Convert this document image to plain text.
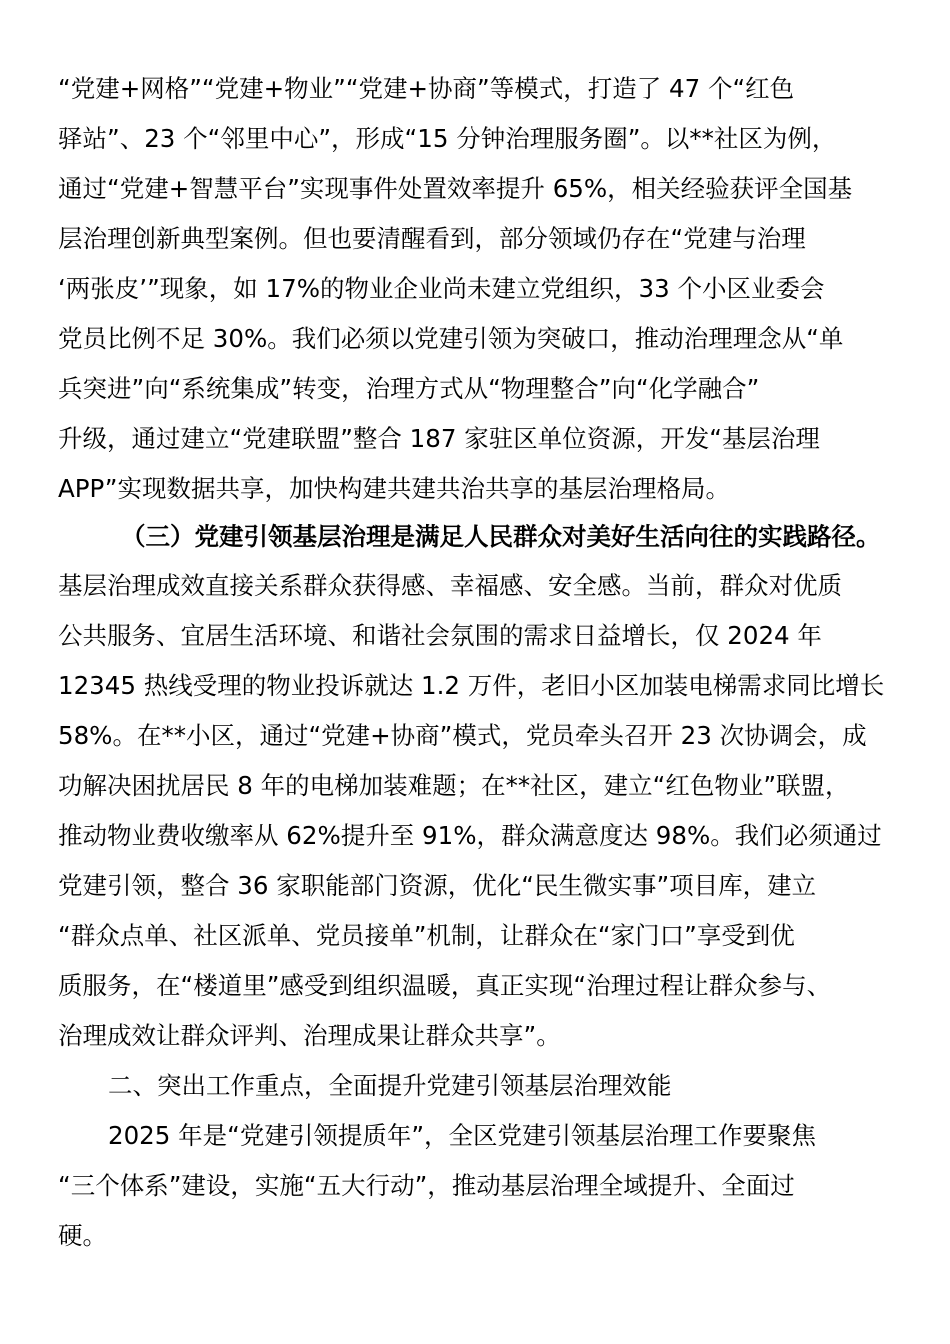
“党建+网格”“党建+物业”“党建+协商”等模式，打造了 47 个“红色
驿站”、23 个“邻里中心”，形成“15 分钟治理服务圈”。以**社区为例，
通过“党建+智慧平台”实现事件处置效率提升 65%，相关经验获评全国基
层治理创新典型案例。但也要清醒看到，部分领域仍存在“党建与治理
‘两张皮’”现象，如 17%的物业企业尚未建立党组织，33 个小区业委会
党员比例不足 30%。我们必须以党建引领为突破口，推动治理理念从“单
兵突进”向“系统集成”转变，治理方式从“物理整合”向“化学融合”
升级，通过建立“党建联盟”整合 187 家驻区单位资源，开发“基层治理
APP”实现数据共享，加快构建共建共治共享的基层治理格局。
（三）党建引领基层治理是满足人民群众对美好生活向往的实践路径。
基层治理成效直接关系群众获得感、幸福感、安全感。当前，群众对优质
公共服务、宜居生活环境、和谐社会氛围的需求日益增长，仅 2024 年
12345 热线受理的物业投诉就达 1.2 万件，老旧小区加装电梯需求同比增长
58%。在**小区，通过“党建+协商”模式，党员牵头召开 23 次协调会，成
功解决困扰居民 8 年的电梯加装难题；在**社区，建立“红色物业”联盟，
推动物业费收缴率从 62%提升至 91%，群众满意度达 98%。我们必须通过
党建引领，整合 36 家职能部门资源，优化“民生微实事”项目库，建立
“群众点单、社区派单、党员接单”机制，让群众在“家门口”享受到优
质服务，在“楼道里”感受到组织温暖，真正实现“治理过程让群众参与、
治理成效让群众评判、治理成果让群众共享”。
二、突出工作重点，全面提升党建引领基层治理效能
2025 年是“党建引领提质年”，全区党建引领基层治理工作要聚焦
“三个体系”建设，实施“五大行动”，推动基层治理全域提升、全面过
硬。
